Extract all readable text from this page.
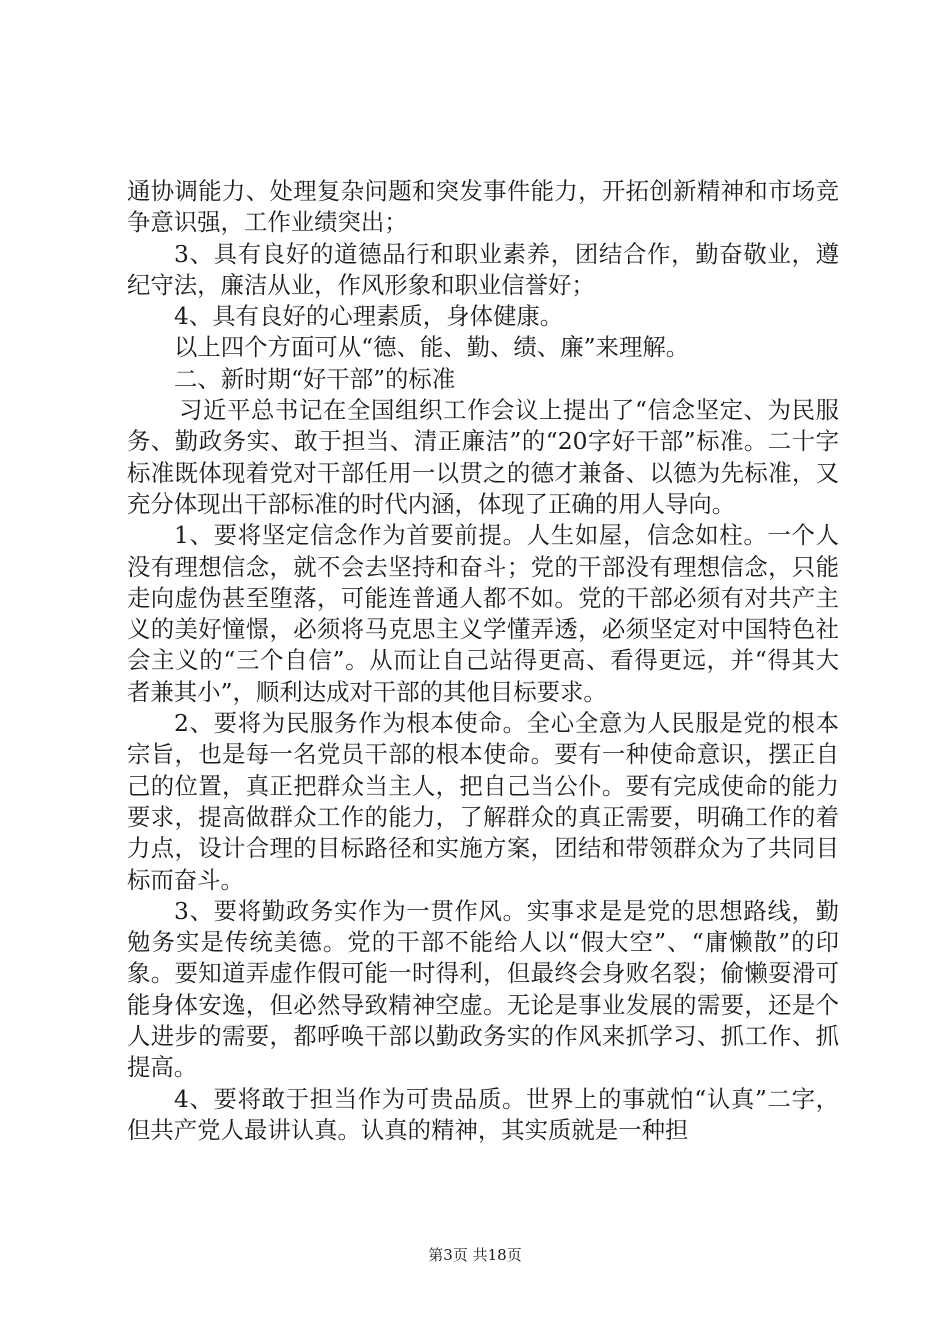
通协调能力、处理复杂问题和突发事件能力，开拓创新精神和市场竞争意识强，工作业绩突出；

3、具有良好的道德品行和职业素养，团结合作，勤奋敬业，遵纪守法，廉洁从业，作风形象和职业信誉好；

4、具有良好的心理素质，身体健康。

以上四个方面可从“德、能、勤、绩、廉”来理解。

二、新时期“好干部”的标准

习近平总书记在全国组织工作会议上提出了“信念坚定、为民服务、勤政务实、敢于担当、清正廉洁”的“20字好干部”标准。二十字标准既体现着党对干部任用一以贯之的德才兼备、以德为先标准，又充分体现出干部标准的时代内涵，体现了正确的用人导向。

1、要将坚定信念作为首要前提。人生如屋，信念如柱。一个人没有理想信念，就不会去坚持和奋斗；党的干部没有理想信念，只能走向虚伪甚至堕落，可能连普通人都不如。党的干部必须有对共产主义的美好憧憬，必须将马克思主义学懂弄透，必须坚定对中国特色社会主义的“三个自信”。从而让自己站得更高、看得更远，并“得其大者兼其小”，顺利达成对干部的其他目标要求。

2、要将为民服务作为根本使命。全心全意为人民服是党的根本宗旨，也是每一名党员干部的根本使命。要有一种使命意识，摆正自己的位置，真正把群众当主人，把自己当公仆。要有完成使命的能力要求，提高做群众工作的能力，了解群众的真正需要，明确工作的着力点，设计合理的目标路径和实施方案，团结和带领群众为了共同目标而奋斗。

3、要将勤政务实作为一贯作风。实事求是是党的思想路线，勤勉务实是传统美德。党的干部不能给人以“假大空”、“庸懒散”的印象。要知道弄虚作假可能一时得利，但最终会身败名裂；偷懒耍滑可能身体安逸，但必然导致精神空虚。无论是事业发展的需要，还是个人进步的需要，都呼唤干部以勤政务实的作风来抓学习、抓工作、抓提高。

4、要将敢于担当作为可贵品质。世界上的事就怕“认真”二字，但共产党人最讲认真。认真的精神，其实质就是一种担

第3页 共18页
